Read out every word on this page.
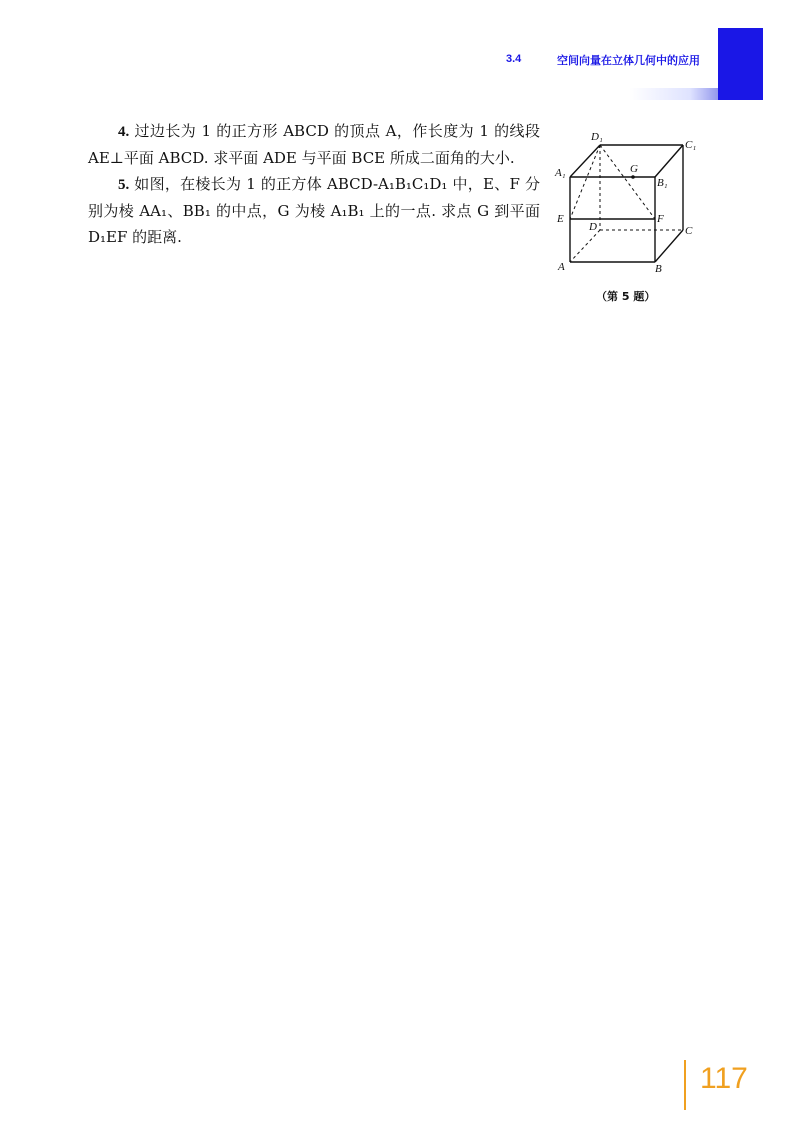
3.4	空间向量在立体几何中的应用

4. 过边长为 1 的正方形 ABCD 的顶点 A，作长度为 1 的线段 AE⊥平面 ABCD. 求平面 ADE 与平面 BCE 所成二面角的大小.

5. 如图，在棱长为 1 的正方体 ABCD-A₁B₁C₁D₁ 中，E、F 分别为棱 AA₁、BB₁ 的中点，G 为棱 A₁B₁ 上的一点. 求点 G 到平面 D₁EF 的距离.

D₁
C₁
A₁	G
B₁
E	F
D	C
A	B
（第 5 题）
117
